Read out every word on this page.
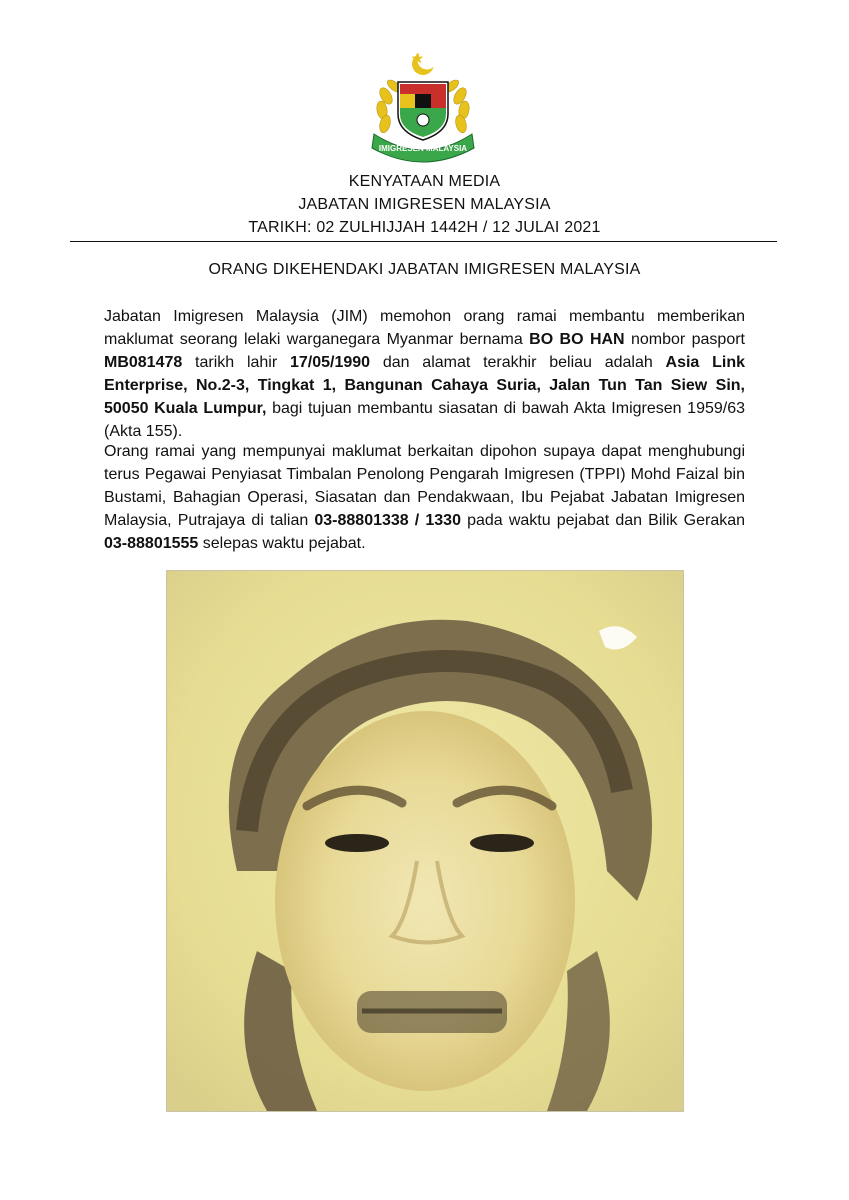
IMIGRESEN MALAYSIA
KENYATAAN MEDIA
JABATAN IMIGRESEN MALAYSIA
TARIKH: 02 ZULHIJJAH 1442H / 12 JULAI 2021
ORANG DIKEHENDAKI JABATAN IMIGRESEN MALAYSIA
Jabatan Imigresen Malaysia (JIM) memohon orang ramai membantu memberikan maklumat seorang lelaki warganegara Myanmar bernama BO BO HAN nombor pasport MB081478 tarikh lahir 17/05/1990 dan alamat terakhir beliau adalah Asia Link Enterprise, No.2-3, Tingkat 1, Bangunan Cahaya Suria, Jalan Tun Tan Siew Sin, 50050 Kuala Lumpur, bagi tujuan membantu siasatan di bawah Akta Imigresen 1959/63 (Akta 155).
Orang ramai yang mempunyai maklumat berkaitan dipohon supaya dapat menghubungi terus Pegawai Penyiasat Timbalan Penolong Pengarah Imigresen (TPPI) Mohd Faizal bin Bustami, Bahagian Operasi, Siasatan dan Pendakwaan, Ibu Pejabat Jabatan Imigresen Malaysia, Putrajaya di talian 03-88801338 / 1330 pada waktu pejabat dan Bilik Gerakan 03-88801555 selepas waktu pejabat.
